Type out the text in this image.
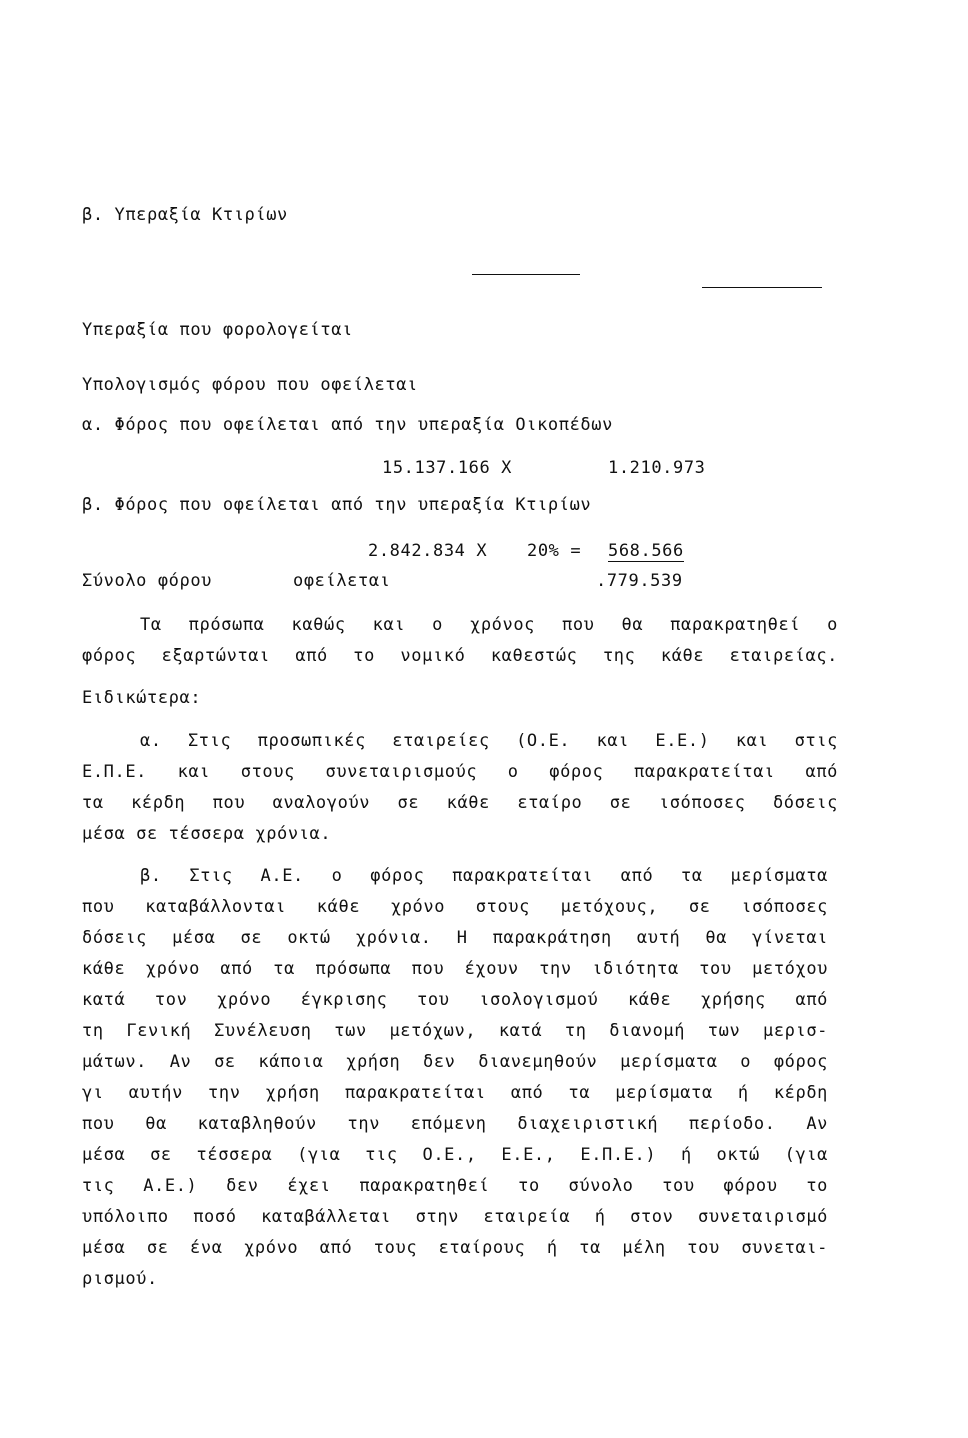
β. Υπεραξία Κτιρίων
Υπεραξία που φορολογείται
Υπολογισμός φόρου που οφείλεται
α. Φόρος που οφείλεται από την υπεραξία Οικοπέδων
15.137.166 Χ	1.210.973
β. Φόρος που οφείλεται από την υπεραξία Κτιρίων
2.842.834 Χ 20% = 568.566
Σύνολο φόρου	οφείλεται	.779.539
Τα πρόσωπα καθώς και ο χρόνος που θα παρακρατηθεί ο
φόρος εξαρτώνται από το νομικό καθεστώς της κάθε εταιρείας.
Ειδικώτερα:
α. Στις προσωπικές εταιρείες (Ο.Ε. και Ε.Ε.) και στις
Ε.Π.Ε. και στους συνεταιρισμούς ο φόρος παρακρατείται από
τα κέρδη που αναλογούν σε κάθε εταίρο σε ισόποσες δόσεις
μέσα σε τέσσερα χρόνια.
β. Στις Α.Ε. ο φόρος παρακρατείται από τα μερίσματα
που καταβάλλονται κάθε χρόνο στους μετόχους, σε ισόποσες
δόσεις μέσα σε οκτώ χρόνια. Η παρακράτηση αυτή θα γίνεται
κάθε χρόνο από τα πρόσωπα που έχουν την ιδιότητα του μετόχου
κατά τον χρόνο έγκρισης του ισολογισμού κάθε χρήσης από
τη Γενική Συνέλευση των μετόχων, κατά τη διανομή των μερισ-
μάτων. Αν σε κάποια χρήση δεν διανεμηθούν μερίσματα ο φόρος
γι αυτήν την χρήση παρακρατείται από τα μερίσματα ή κέρδη
που θα καταβληθούν την επόμενη διαχειριστική περίοδο. Αν
μέσα σε τέσσερα (για τις Ο.Ε., Ε.Ε., Ε.Π.Ε.) ή οκτώ (για
τις Α.Ε.) δεν έχει παρακρατηθεί το σύνολο του φόρου το
υπόλοιπο ποσό καταβάλλεται στην εταιρεία ή στον συνεταιρισμό
μέσα σε ένα χρόνο από τους εταίρους ή τα μέλη του συνεται-
ρισμού.
